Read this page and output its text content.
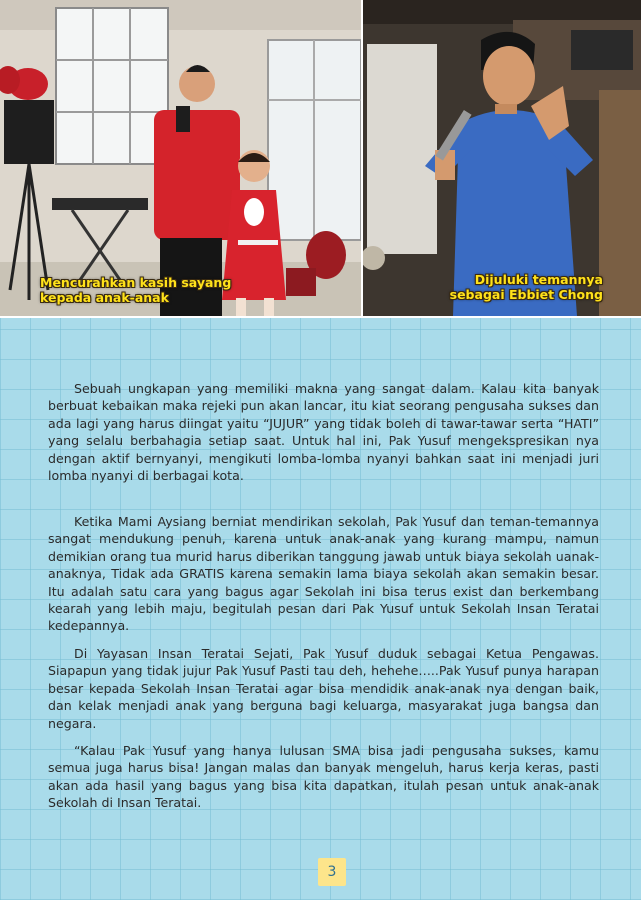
Mencurahkan kasih sayang
kepada anak-anak
Dijuluki temannya
sebagai Ebbiet Chong

Sebuah ungkapan yang memiliki makna yang sangat dalam. Kalau kita banyak berbuat kebaikan maka rejeki pun akan lancar, itu kiat seorang pengusaha sukses dan ada lagi yang harus diingat yaitu “JUJUR” yang tidak boleh di tawar-tawar serta “HATI” yang selalu berbahagia setiap saat. Untuk hal ini, Pak Yusuf mengekspresikan nya dengan aktif bernyanyi, mengikuti lomba-lomba nyanyi bahkan saat ini menjadi juri lomba nyanyi di berbagai kota.

Ketika Mami Aysiang berniat mendirikan sekolah, Pak Yusuf dan teman-temannya sangat mendukung penuh, karena untuk anak-anak yang kurang mampu, namun demikian orang tua murid harus diberikan tanggung jawab untuk biaya sekolah uanak-anaknya, Tidak ada GRATIS karena semakin lama biaya sekolah akan semakin besar. Itu adalah satu cara yang bagus agar Sekolah ini bisa terus exist dan berkembang kearah yang lebih maju, begitulah pesan dari Pak Yusuf untuk Sekolah Insan Teratai kedepannya.

Di Yayasan Insan Teratai Sejati, Pak Yusuf duduk sebagai Ketua Pengawas. Siapapun yang tidak jujur Pak Yusuf Pasti tau deh, hehehe…..Pak Yusuf punya harapan besar kepada Sekolah Insan Teratai agar bisa mendidik anak-anak nya dengan baik, dan kelak menjadi anak yang berguna bagi keluarga, masyarakat juga bangsa dan negara.

“Kalau Pak Yusuf yang hanya lulusan SMA bisa jadi pengusaha sukses, kamu semua juga harus bisa! Jangan malas dan banyak mengeluh, harus kerja keras, pasti akan ada hasil yang bagus yang bisa kita dapatkan, itulah pesan untuk anak-anak Sekolah di Insan Teratai.

3
